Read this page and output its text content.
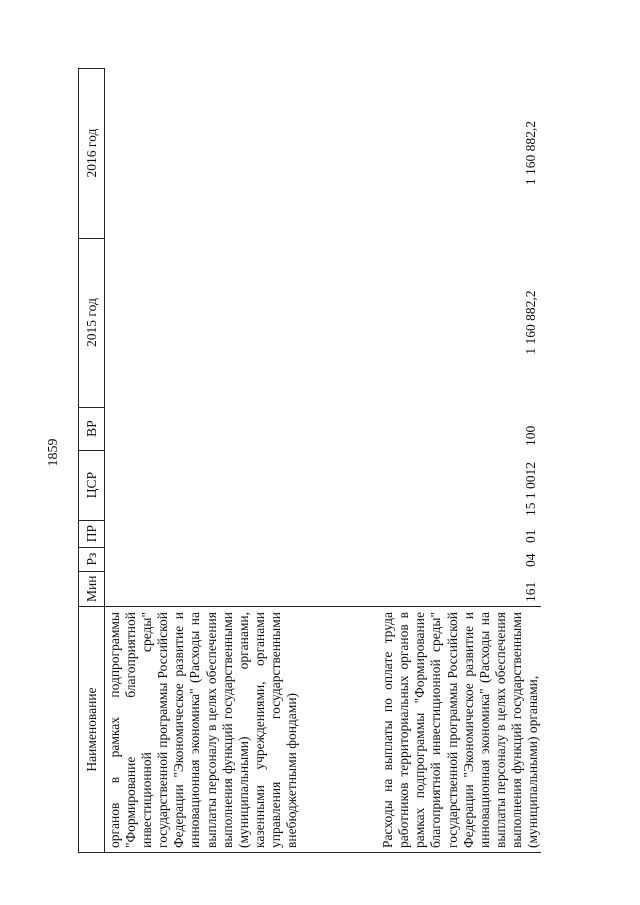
1859
Наименование	Мин	Рз	ПР	ЦСР	ВР	2015 год	2016 год
органов в рамках подпрограммы "Формирование благоприятной инвестиционной среды" государственной программы Российской Федерации "Экономическое развитие и инновационная экономика" (Расходы на выплаты персоналу в целях обеспечения выполнения функций государственными (муниципальными) органами, казенными учреждениями, органами управления государственными внебюджетными фондами)							
Расходы на выплаты по оплате труда работников территориальных органов в рамках подпрограммы "Формирование благоприятной инвестиционной среды" государственной программы Российской Федерации "Экономическое развитие и инновационная экономика" (Расходы на выплаты персоналу в целях обеспечения выполнения функций государственными (муниципальными) органами,	161	04	01	15 1 0012	100	1 160 882,2	1 160 882,2
